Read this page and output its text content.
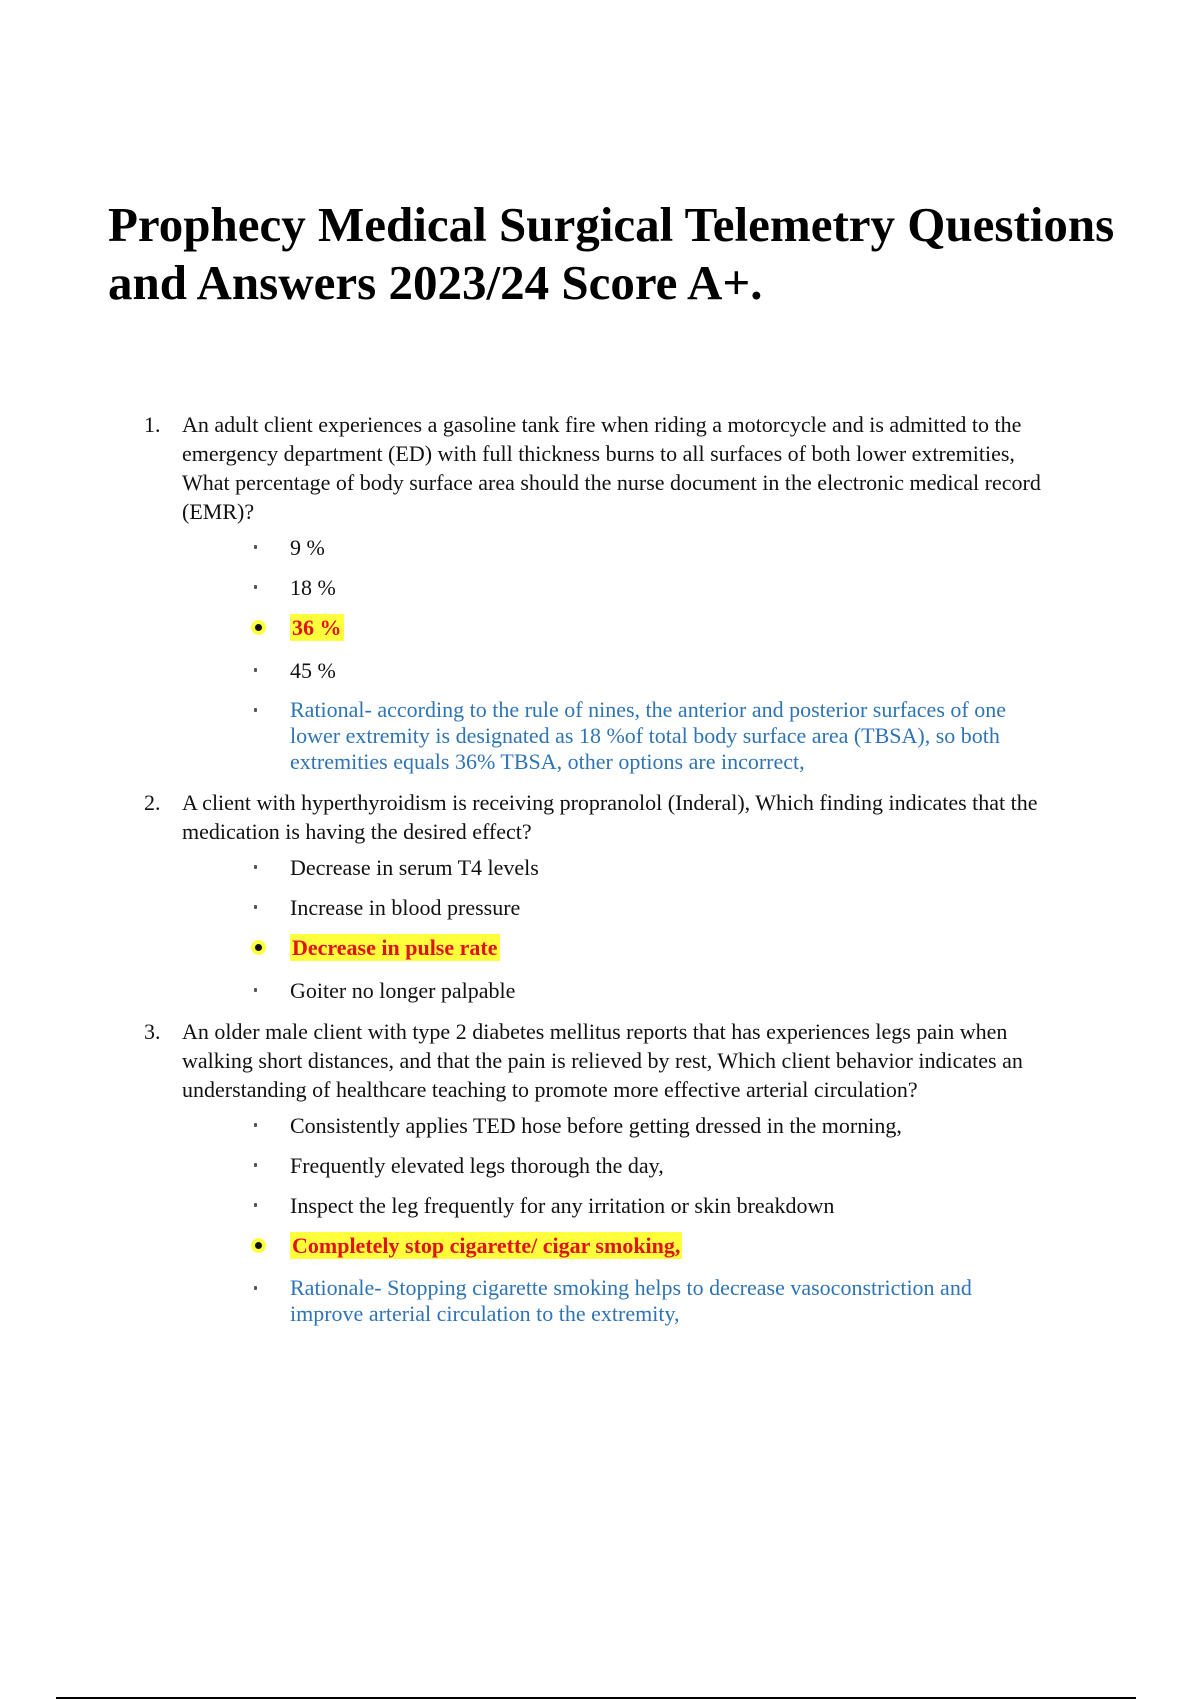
Prophecy Medical Surgical Telemetry Questions and Answers 2023/24 Score A+.
1. An adult client experiences a gasoline tank fire when riding a motorcycle and is admitted to the emergency department (ED) with full thickness burns to all surfaces of both lower extremities, What percentage of body surface area should the nurse document in the electronic medical record (EMR)?

9 %
18 %
36 %
45 %
Rational- according to the rule of nines, the anterior and posterior surfaces of one lower extremity is designated as 18 %of total body surface area (TBSA), so both extremities equals 36% TBSA, other options are incorrect,
2. A client with hyperthyroidism is receiving propranolol (Inderal), Which finding indicates that the medication is having the desired effect?

Decrease in serum T4 levels
Increase in blood pressure
Decrease in pulse rate
Goiter no longer palpable
3. An older male client with type 2 diabetes mellitus reports that has experiences legs pain when walking short distances, and that the pain is relieved by rest, Which client behavior indicates an understanding of healthcare teaching to promote more effective arterial circulation?

Consistently applies TED hose before getting dressed in the morning,
Frequently elevated legs thorough the day,
Inspect the leg frequently for any irritation or skin breakdown
Completely stop cigarette/ cigar smoking,
Rationale- Stopping cigarette smoking helps to decrease vasoconstriction and improve arterial circulation to the extremity,
